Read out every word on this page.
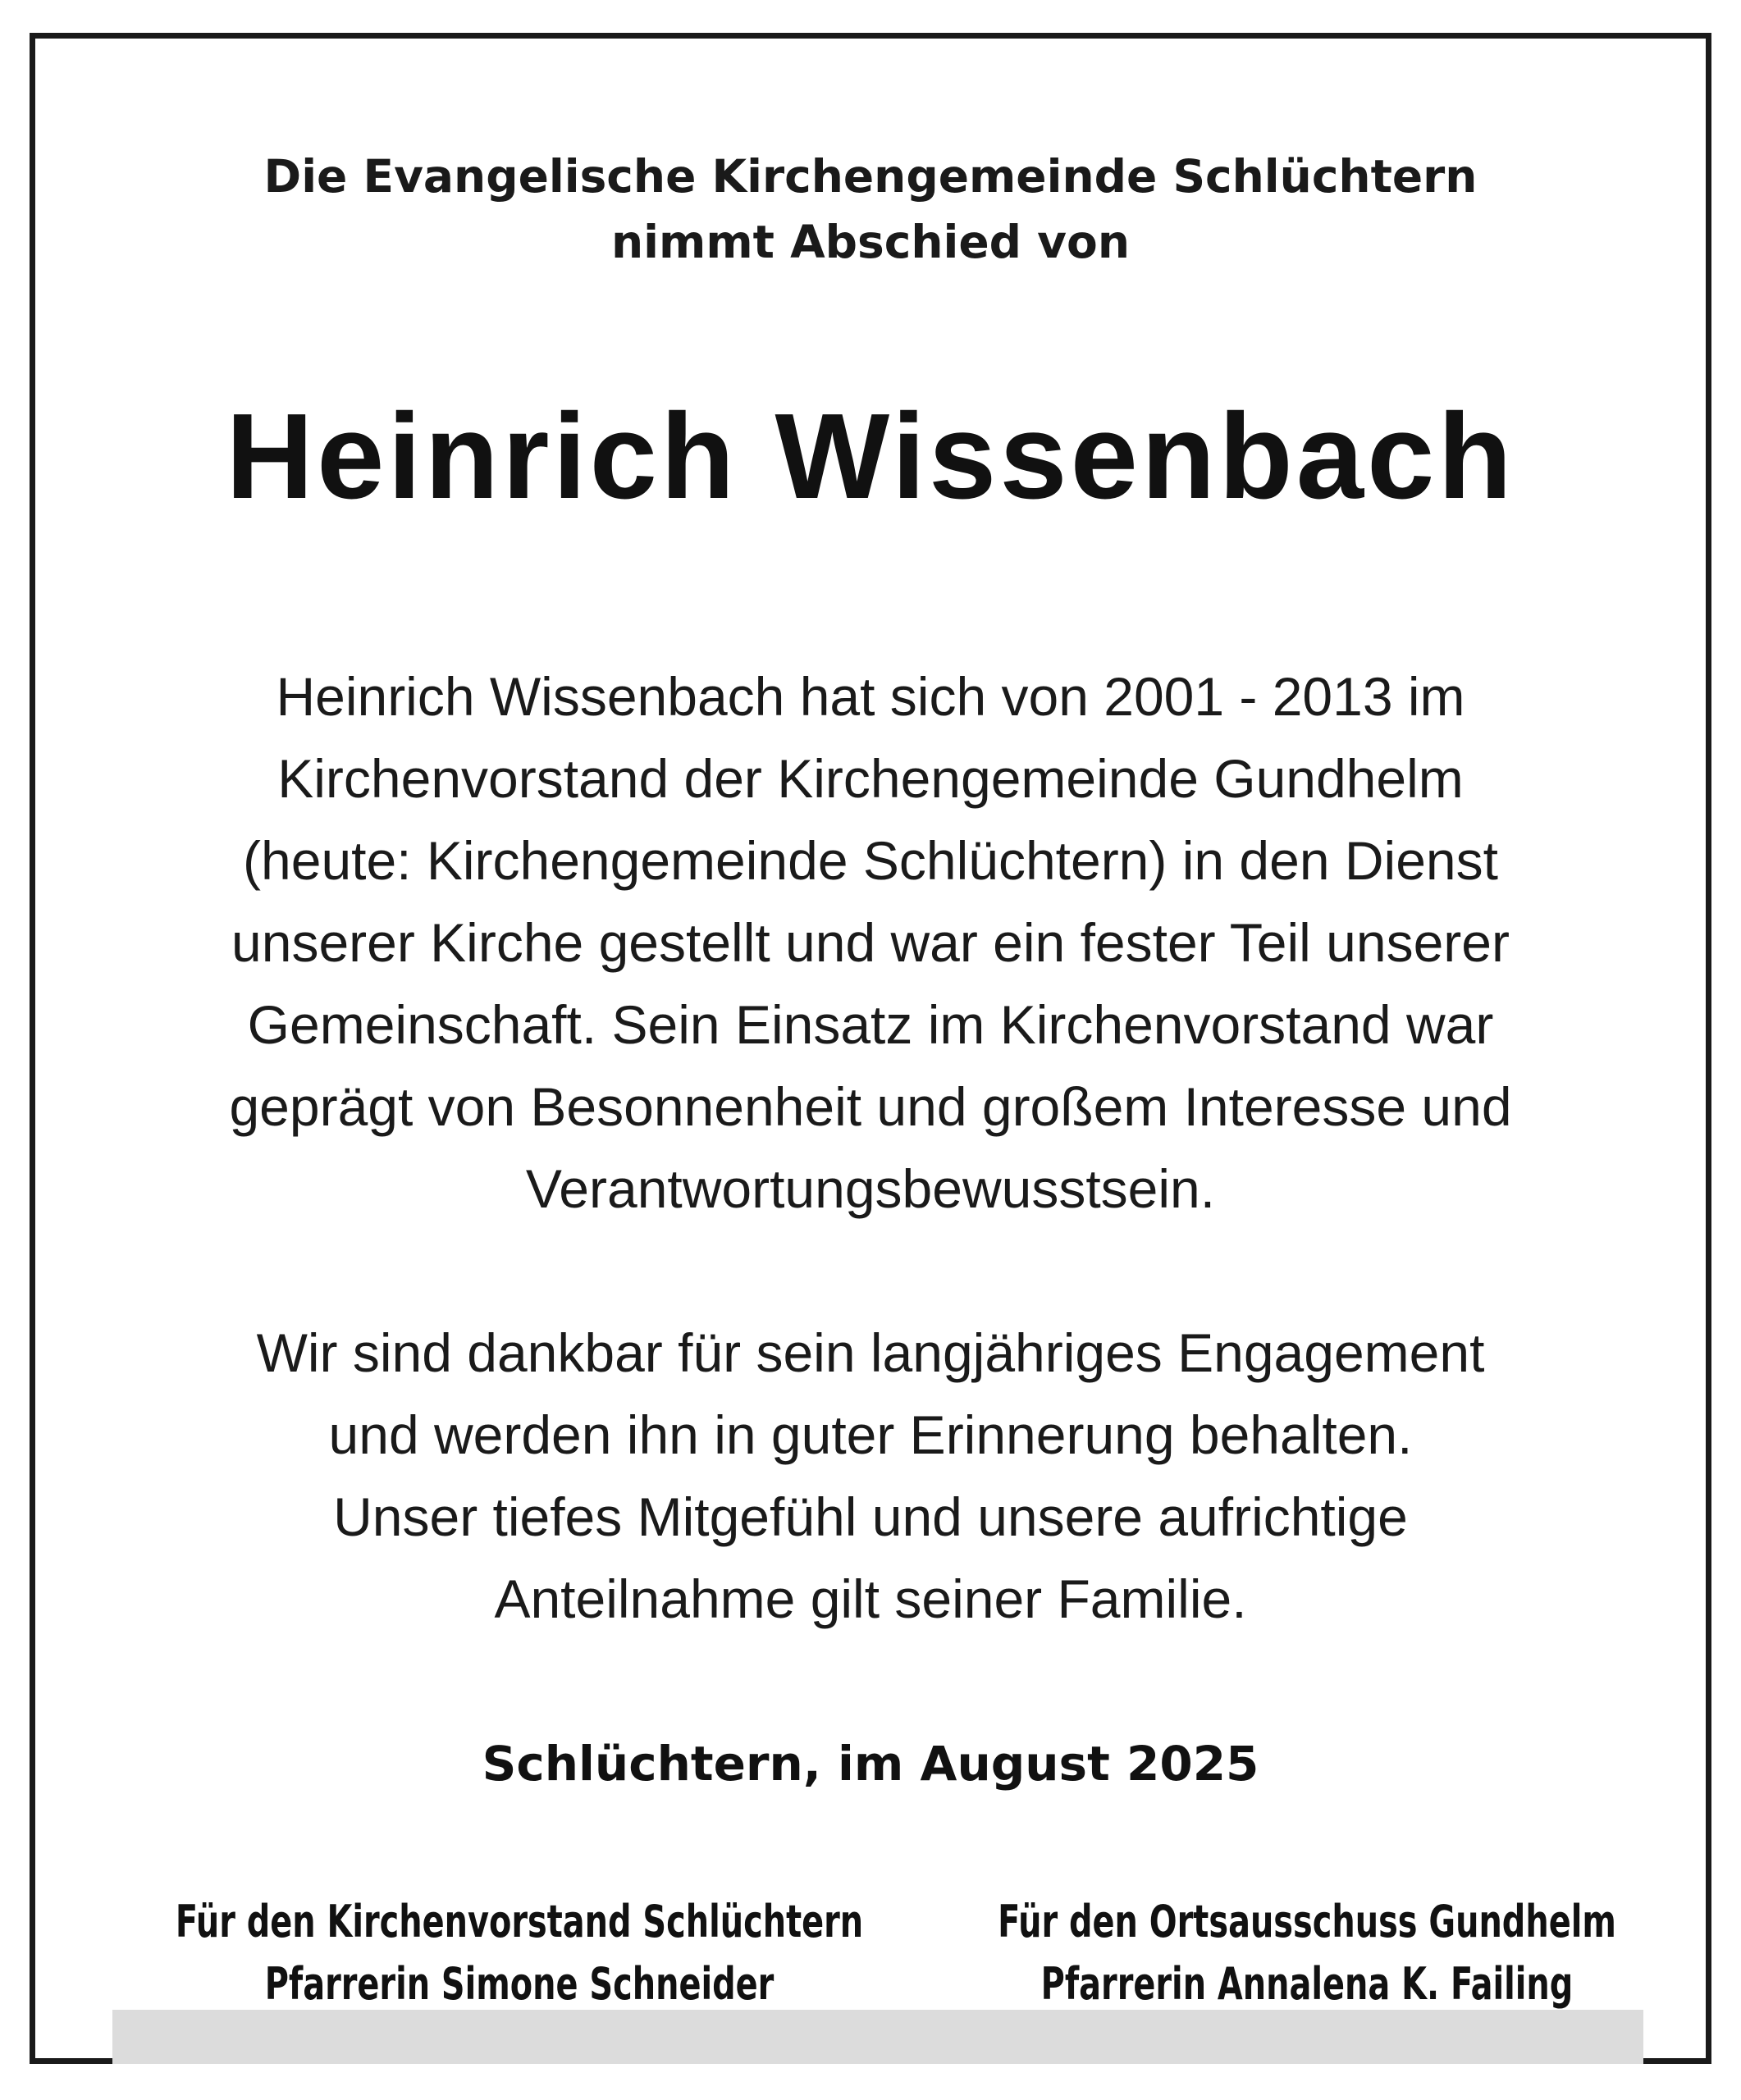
Die Evangelische Kirchengemeinde Schlüchtern
nimmt Abschied von
Heinrich Wissenbach
Heinrich Wissenbach hat sich von 2001 - 2013 im
Kirchenvorstand der Kirchengemeinde Gundhelm
(heute: Kirchengemeinde Schlüchtern) in den Dienst
unserer Kirche gestellt und war ein fester Teil unserer
Gemeinschaft. Sein Einsatz im Kirchenvorstand war
geprägt von Besonnenheit und großem Interesse und
Verantwortungsbewusstsein.
Wir sind dankbar für sein langjähriges Engagement
und werden ihn in guter Erinnerung behalten.
Unser tiefes Mitgefühl und unsere aufrichtige
Anteilnahme gilt seiner Familie.
Schlüchtern, im August 2025
Für den Kirchenvorstand Schlüchtern
Pfarrerin Simone Schneider
Für den Ortsausschuss Gundhelm
Pfarrerin Annalena K. Failing
